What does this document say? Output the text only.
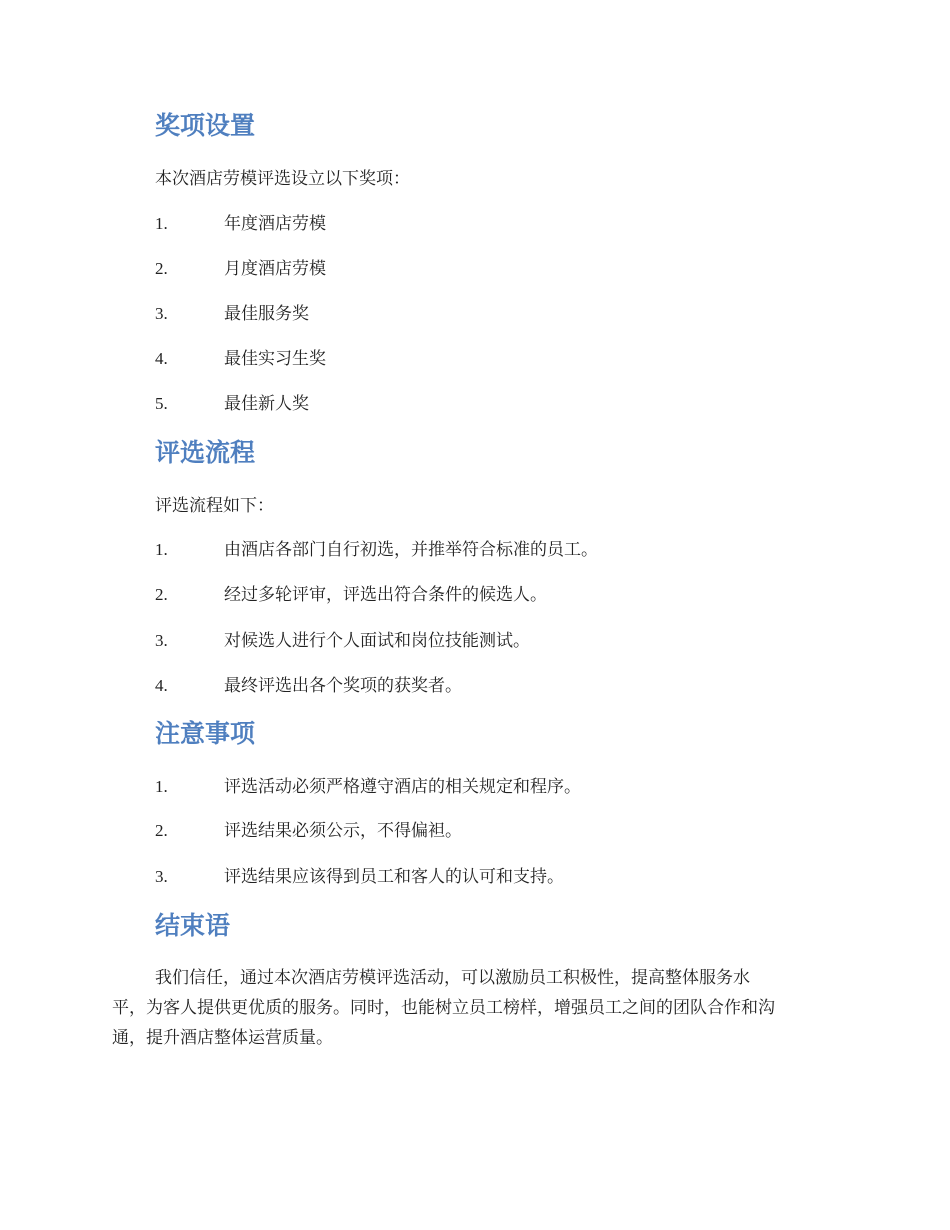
奖项设置
本次酒店劳模评选设立以下奖项：
1.	年度酒店劳模
2.	月度酒店劳模
3.	最佳服务奖
4.	最佳实习生奖
5.	最佳新人奖
评选流程
评选流程如下：
1.	由酒店各部门自行初选，并推举符合标准的员工。
2.	经过多轮评审，评选出符合条件的候选人。
3.	对候选人进行个人面试和岗位技能测试。
4.	最终评选出各个奖项的获奖者。
注意事项
1.	评选活动必须严格遵守酒店的相关规定和程序。
2.	评选结果必须公示，不得偏袒。
3.	评选结果应该得到员工和客人的认可和支持。
结束语
我们信任，通过本次酒店劳模评选活动，可以激励员工积极性，提高整体服务水
平，为客人提供更优质的服务。同时，也能树立员工榜样，增强员工之间的团队合作和沟
通，提升酒店整体运营质量。
